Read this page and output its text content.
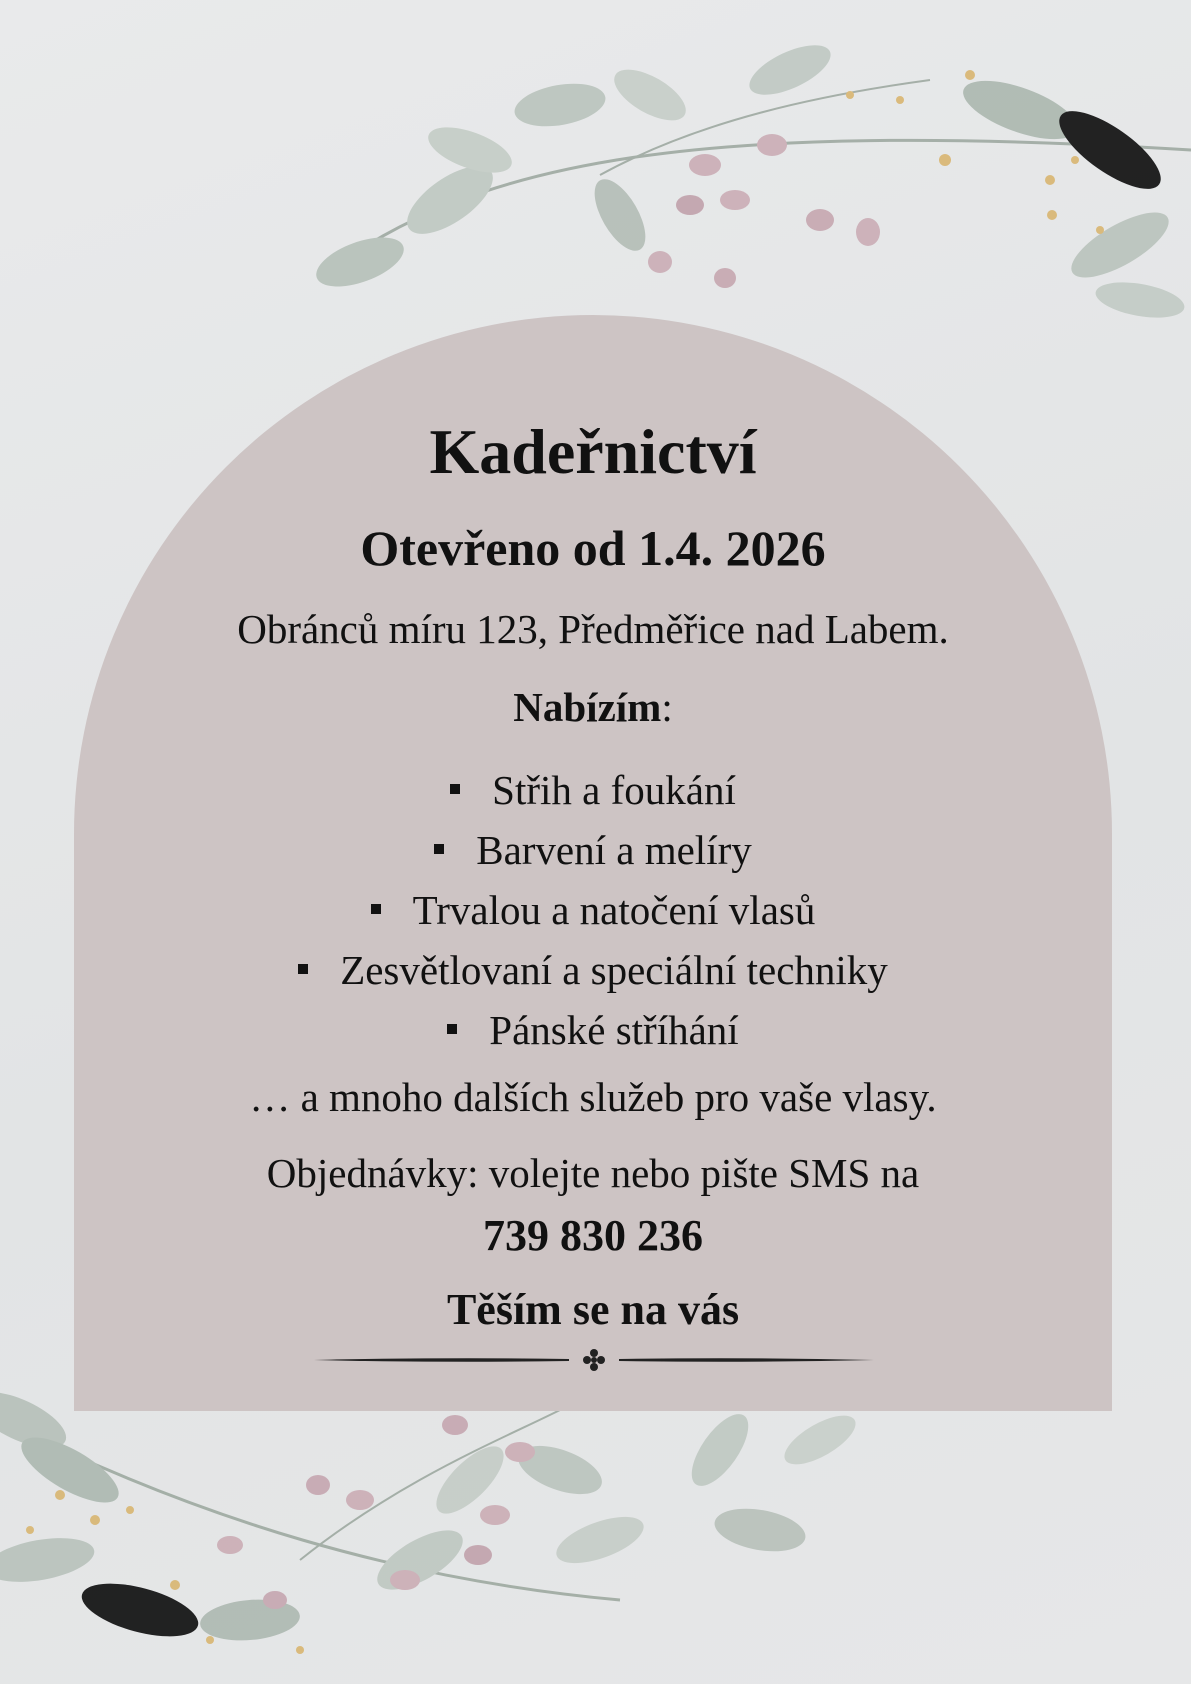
Kadeřnictví

Otevřeno od 1.4. 2026

Obránců míru 123, Předměřice nad Labem.

Nabízím:

Střih a foukání
Barvení a melíry
Trvalou a natočení vlasů
Zesvětlovaní a speciální techniky
Pánské stříhání

… a mnoho dalších služeb pro vaše vlasy.

Objednávky: volejte nebo pište SMS na

739 830 236

Těším se na vás
